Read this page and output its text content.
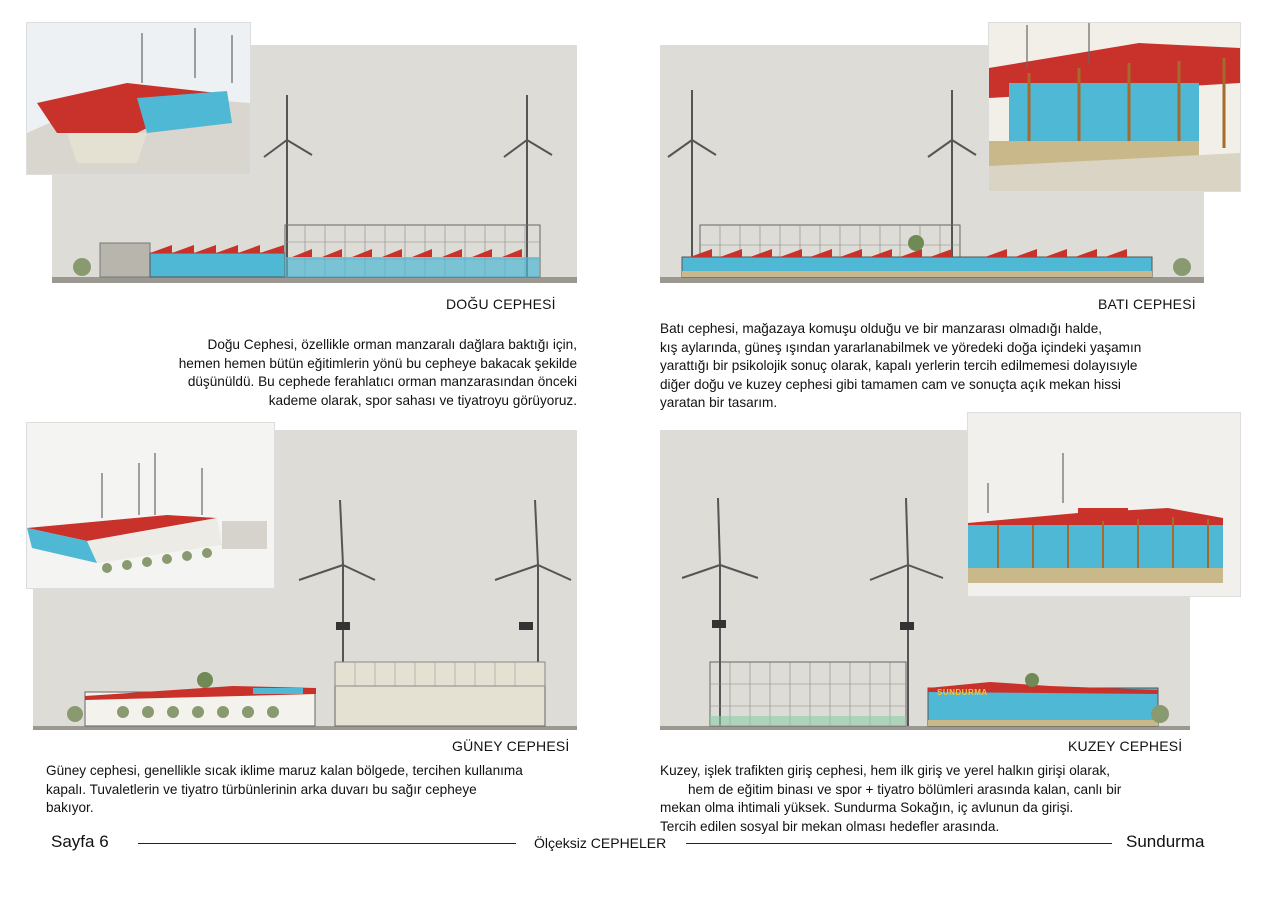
DOĞU CEPHESİ
Doğu Cephesi, özellikle orman manzaralı dağlara baktığı için,
hemen hemen bütün eğitimlerin yönü bu cepheye bakacak şekilde
düşünüldü. Bu cephede ferahlatıcı orman manzarasından önceki
kademe olarak, spor sahası ve tiyatroyu görüyoruz.
BATI CEPHESİ
Batı cephesi, mağazaya komuşu olduğu ve bir manzarası olmadığı halde,
kış aylarında, güneş ışından yararlanabilmek ve yöredeki doğa içindeki yaşamın
yarattığı bir psikolojik sonuç olarak, kapalı yerlerin tercih edilmemesi dolayısıyle
diğer doğu ve kuzey cephesi gibi tamamen cam ve sonuçta açık mekan hissi
yaratan bir tasarım.
GÜNEY CEPHESİ
Güney cephesi, genellikle sıcak iklime maruz kalan bölgede, tercihen kullanıma
kapalı. Tuvaletlerin ve tiyatro türbünlerinin arka duvarı bu sağır cepheye
bakıyor.
SUNDURMA
KUZEY CEPHESİ
Kuzey, işlek trafikten giriş cephesi, hem ilk giriş ve yerel halkın girişi olarak,
hem de eğitim binası ve spor + tiyatro bölümleri arasında kalan, canlı bir
mekan olma ihtimali yüksek. Sundurma Sokağın, iç avlunun da girişi.
Tercih edilen sosyal bir mekan olması hedefler arasında.
Sayfa 6	Ölçeksiz CEPHELER	Sundurma
